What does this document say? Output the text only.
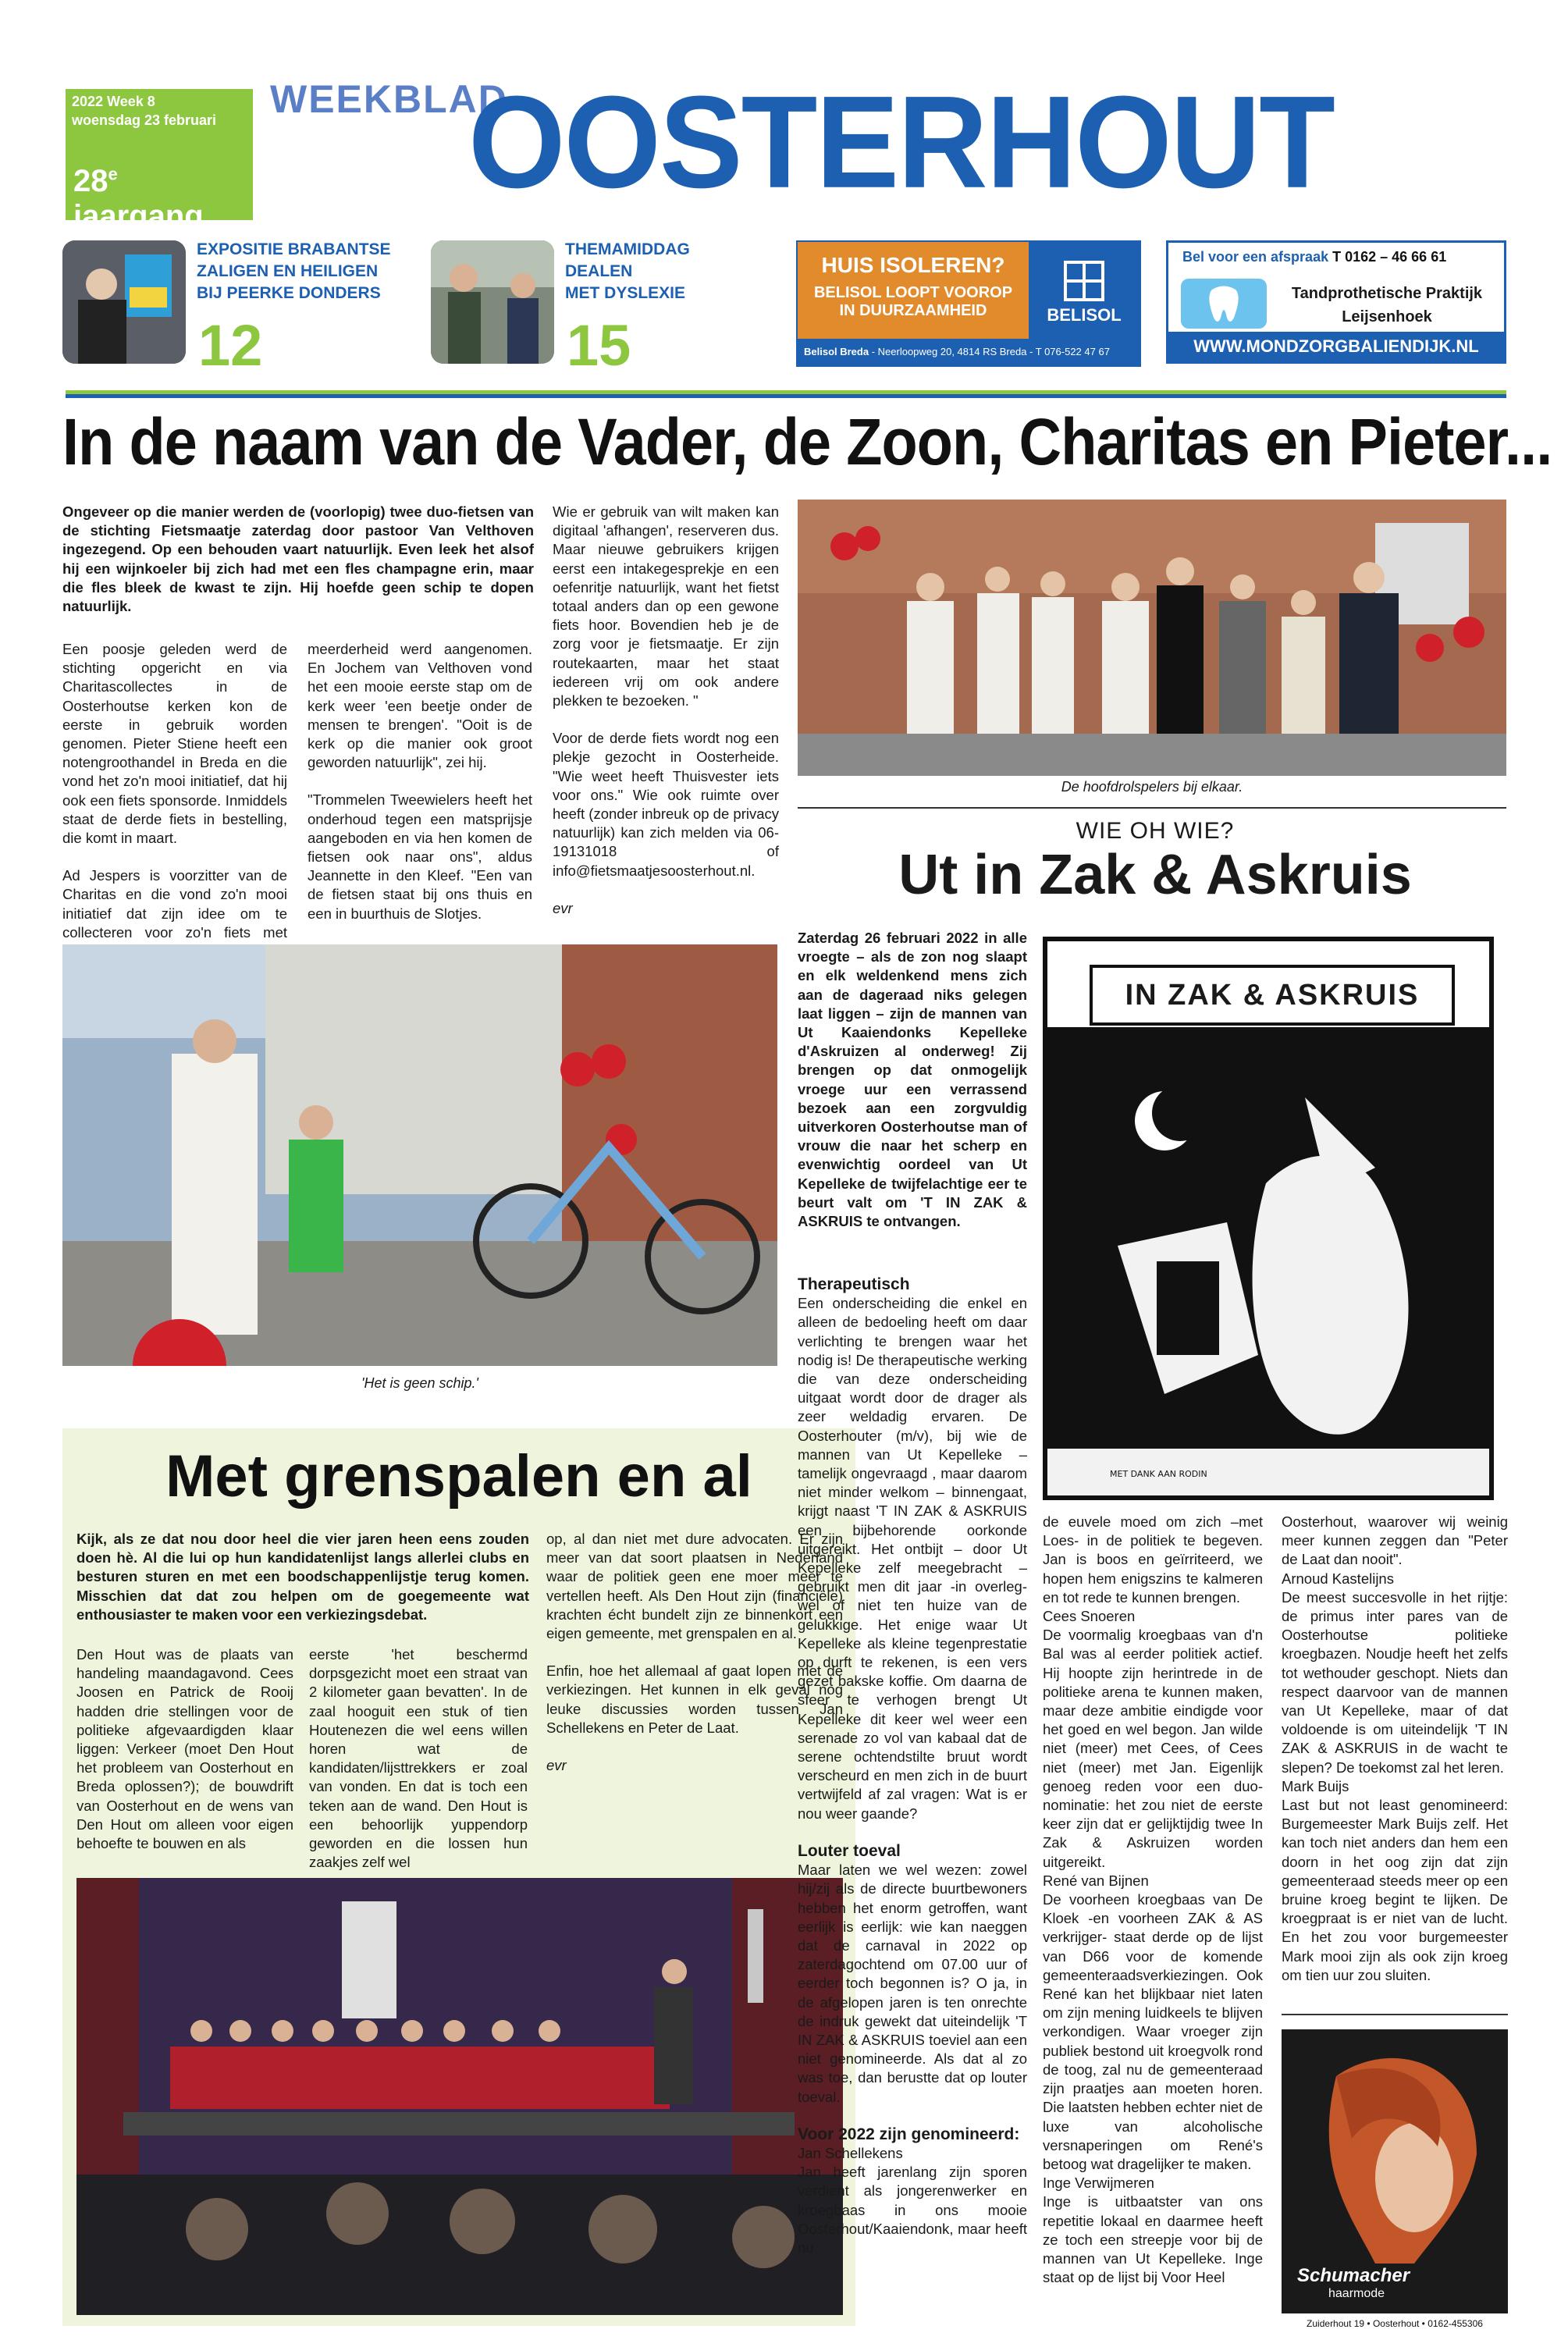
2022 Week 8
woensdag 23 februari
28e jaargang
WEEKBLAD
OOSTERHOUT
EXPOSITIE BRABANTSE
ZALIGEN EN HEILIGEN
BIJ PEERKE DONDERS
12
THEMAMIDDAG
DEALEN
MET DYSLEXIE
15
HUIS ISOLEREN?
BELISOL LOOPT VOOROP
IN DUURZAAMHEID	BELISOL
Belisol Breda - Neerloopweg 20, 4814 RS Breda - T 076-522 47 67
Bel voor een afspraak T 0162 – 46 66 61
Tandprothetische Praktijk
Leijsenhoek
WWW.MONDZORGBALIENDIJK.NL
In de naam van de Vader, de Zoon, Charitas en Pieter...
Ongeveer op die manier werden de (voorlopig) twee duo-fietsen van de stichting Fietsmaatje zaterdag door pastoor Van Velthoven ingezegend. Op een behouden vaart natuurlijk. Even leek het alsof hij een wijnkoeler bij zich had met een fles champagne erin, maar die fles bleek de kwast te zijn. Hij hoefde geen schip te dopen natuurlijk.

Een poosje geleden werd de stichting opgericht en via Charitascollectes in de Oosterhoutse kerken kon de eerste in gebruik worden genomen. Pieter Stiene heeft een notengroothandel in Breda en die vond het zo'n mooi initiatief, dat hij ook een fiets sponsorde. Inmiddels staat de derde fiets in bestelling, die komt in maart.

Ad Jespers is voorzitter van de Charitas en die vond zo'n mooi initiatief dat zijn idee om te collecteren voor zo'n fiets met

meerderheid werd aangenomen. En Jochem van Velthoven vond het een mooie eerste stap om de kerk weer 'een beetje onder de mensen te brengen'. "Ooit is de kerk op die manier ook groot geworden natuurlijk", zei hij.

"Trommelen Tweewielers heeft het onderhoud tegen een matsprijsje aangeboden en via hen komen de fietsen ook naar ons", aldus Jeannette in den Kleef. "Een van de fietsen staat bij ons thuis en een in buurthuis de Slotjes.

Wie er gebruik van wilt maken kan digitaal 'afhangen', reserveren dus. Maar nieuwe gebruikers krijgen eerst een intakegesprekje en een oefenritje natuurlijk, want het fietst totaal anders dan op een gewone fiets hoor. Bovendien heb je de zorg voor je fietsmaatje. Er zijn routekaarten, maar het staat iedereen vrij om ook andere plekken te bezoeken. "

Voor de derde fiets wordt nog een plekje gezocht in Oosterheide. "Wie weet heeft Thuisvester iets voor ons." Wie ook ruimte over heeft (zonder inbreuk op de privacy natuurlijk) kan zich melden via 06-19131018 of info@fietsmaatjesoosterhout.nl.

evr

De hoofdrolspelers bij elkaar.
'Het is geen schip.'
Met grenspalen en al
Kijk, als ze dat nou door heel die vier jaren heen eens zouden doen hè. Al die lui op hun kandidatenlijst langs allerlei clubs en besturen sturen en met een boodschappenlijstje terug komen. Misschien dat dat zou helpen om de goegemeente wat enthousiaster te maken voor een verkiezingsdebat.
Den Hout was de plaats van handeling maandagavond. Cees Joosen en Patrick de Rooij hadden drie stellingen voor de politieke afgevaardigden klaar liggen: Verkeer (moet Den Hout het probleem van Oosterhout en Breda oplossen?); de bouwdrift van Oosterhout en de wens van Den Hout om alleen voor eigen behoefte te bouwen en als
eerste 'het beschermd dorpsgezicht moet een straat van 2 kilometer gaan bevatten'. In de zaal hooguit een stuk of tien Houtenezen die wel eens willen horen wat de kandidaten/lijsttrekkers er zoal van vonden. En dat is toch een teken aan de wand. Den Hout is een behoorlijk yuppendorp geworden en die lossen hun zaakjes zelf wel

op, al dan niet met dure advocaten. Er zijn meer van dat soort plaatsen in Nederland waar de politiek geen ene moer meer te vertellen heeft. Als Den Hout zijn (financiële) krachten écht bundelt zijn ze binnenkort een eigen gemeente, met grenspalen en al.

Enfin, hoe het allemaal af gaat lopen met de verkiezingen. Het kunnen in elk geval nog leuke discussies worden tussen Jan Schellekens en Peter de Laat.

evr

WIE OH WIE?
Ut in Zak & Askruis
Zaterdag 26 februari 2022 in alle vroegte – als de zon nog slaapt en elk weldenkend mens zich aan de dageraad niks gelegen laat liggen – zijn de mannen van Ut Kaaiendonks Kepelleke d'Askruizen al onderweg! Zij brengen op dat onmogelijk vroege uur een verrassend bezoek aan een zorgvuldig uitverkoren Oosterhoutse man of vrouw die naar het scherp en evenwichtig oordeel van Ut Kepelleke de twijfelachtige eer te beurt valt om 'T IN ZAK & ASKRUIS te ontvangen.
Therapeutisch

Een onderscheiding die enkel en alleen de bedoeling heeft om daar verlichting te brengen waar het nodig is! De therapeutische werking die van deze onderscheiding uitgaat wordt door de drager als zeer weldadig ervaren. De Oosterhouter (m/v), bij wie de mannen van Ut Kepelleke – tamelijk ongevraagd , maar daarom niet minder welkom – binnengaat, krijgt naast 'T IN ZAK & ASKRUIS een bijbehorende oorkonde uitgereikt. Het ontbijt – door Ut Kepelleke zelf meegebracht – gebruikt men dit jaar -in overleg- wel of niet ten huize van de gelukkige. Het enige waar Ut Kepelleke als kleine tegenprestatie op durft te rekenen, is een vers gezet bakske koffie. Om daarna de sfeer te verhogen brengt Ut Kepelleke dit keer wel weer een serenade zo vol van kabaal dat de serene ochtendstilte bruut wordt verscheurd en men zich in de buurt vertwijfeld af zal vragen: Wat is er nou weer gaande?

Louter toeval

Maar laten we wel wezen: zowel hij/zij als de directe buurtbewoners hebben het enorm getroffen, want eerlijk is eerlijk: wie kan naeggen dat de carnaval in 2022 op zaterdagochtend om 07.00 uur of eerder toch begonnen is? O ja, in de afgelopen jaren is ten onrechte de indruk gewekt dat uiteindelijk 'T IN ZAK & ASKRUIS toeviel aan een niet genomineerde. Als dat al zo was toe, dan berustte dat op louter toeval.

Voor 2022 zijn genomineerd:

Jan Schellekens
Jan heeft jarenlang zijn sporen verdient als jongerenwerker en kroegbaas in ons mooie Oosterhout/Kaaiendonk, maar heeft nu

IN ZAK & ASKRUIS
MET DANK AAN RODIN
de euvele moed om zich –met Loes- in de politiek te begeven. Jan is boos en geïrriteerd, we hopen hem enigszins te kalmeren en tot rede te kunnen brengen.
Cees Snoeren
De voormalig kroegbaas van d'n Bal was al eerder politiek actief. Hij hoopte zijn herintrede in de politieke arena te kunnen maken, maar deze ambitie eindigde voor het goed en wel begon. Jan wilde niet (meer) met Cees, of Cees niet (meer) met Jan. Eigenlijk genoeg reden voor een duo-nominatie: het zou niet de eerste keer zijn dat er gelijktijdig twee In Zak & Askruizen worden uitgereikt.
René van Bijnen
De voorheen kroegbaas van De Kloek -en voorheen ZAK & AS verkrijger- staat derde op de lijst van D66 voor de komende gemeenteraadsverkiezingen. Ook René kan het blijkbaar niet laten om zijn mening luidkeels te blijven verkondigen. Waar vroeger zijn publiek bestond uit kroegvolk rond de toog, zal nu de gemeenteraad zijn praatjes aan moeten horen. Die laatsten hebben echter niet de luxe van alcoholische versnaperingen om René's betoog wat dragelijker te maken.
Inge Verwijmeren
Inge is uitbaatster van ons repetitie lokaal en daarmee heeft ze toch een streepje voor bij de mannen van Ut Kepelleke. Inge staat op de lijst bij Voor Heel
Oosterhout, waarover wij weinig meer kunnen zeggen dan "Peter de Laat dan nooit".
Arnoud Kastelijns
De meest succesvolle in het rijtje: de primus inter pares van de Oosterhoutse politieke kroegbazen. Noudje heeft het zelfs tot wethouder geschopt. Niets dan respect daarvoor van de mannen van Ut Kepelleke, maar of dat voldoende is om uiteindelijk 'T IN ZAK & ASKRUIS in de wacht te slepen? De toekomst zal het leren.
Mark Buijs
Last but not least genomineerd: Burgemeester Mark Buijs zelf. Het kan toch niet anders dan hem een doorn in het oog zijn dat zijn gemeenteraad steeds meer op een bruine kroeg begint te lijken. De kroegpraat is er niet van de lucht. En het zou voor burgemeester Mark mooi zijn als ook zijn kroeg om tien uur zou sluiten.
Schumacher
haarmode
Zuiderhout 19 • Oosterhout • 0162-455306
